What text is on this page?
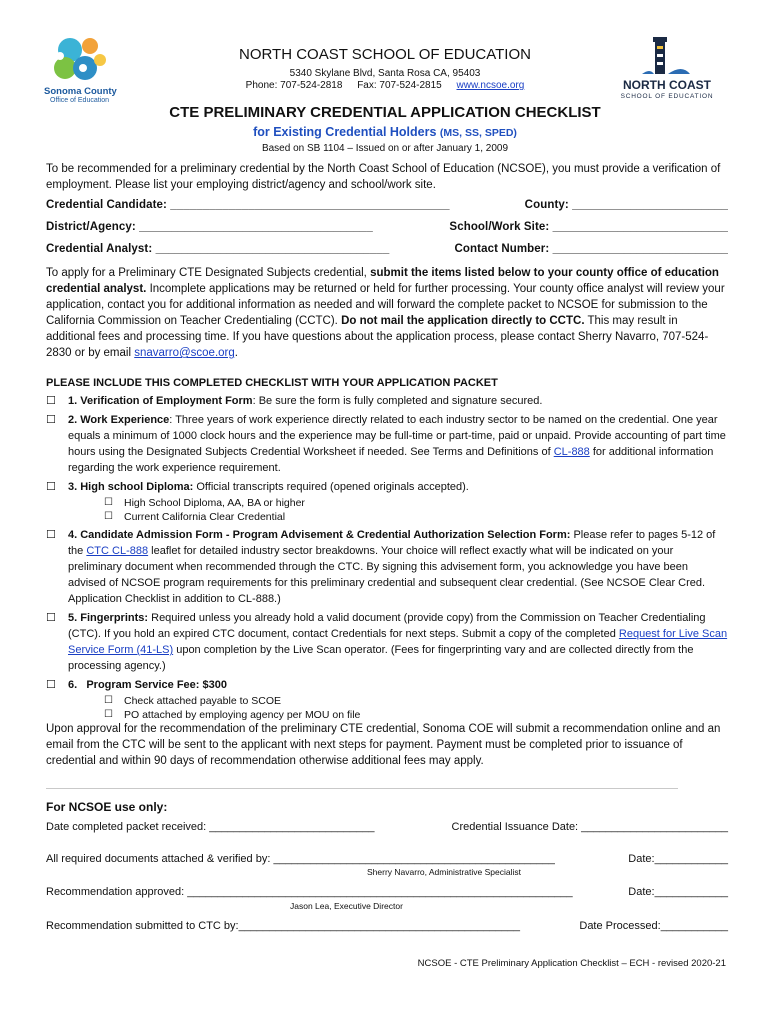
Sonoma County
Office of Education
NORTH COAST
SCHOOL OF EDUCATION
NORTH COAST SCHOOL OF EDUCATION
5340 Skylane Blvd, Santa Rosa CA, 95403
Phone: 707-524-2818 Fax: 707-524-2815 www.ncsoe.org
CTE PRELIMINARY CREDENTIAL APPLICATION CHECKLIST
for Existing Credential Holders (MS, SS, SPED)
Based on SB 1104 – Issued on or after January 1, 2009
To be recommended for a preliminary credential by the North Coast School of Education (NCSOE), you must provide a verification of employment. Please list your employing district/agency and school/work site.
Credential Candidate: ___________________________________________	County: ________________________
District/Agency: ____________________________________	School/Work Site: ___________________________
Credential Analyst: ____________________________________	Contact Number: ___________________________
To apply for a Preliminary CTE Designated Subjects credential, submit the items listed below to your county office of education credential analyst. Incomplete applications may be returned or held for further processing. Your county office analyst will review your application, contact you for additional information as needed and will forward the complete packet to NCSOE for submission to the California Commission on Teacher Credentialing (CCTC). Do not mail the application directly to CCTC. This may result in additional fees and processing time. If you have questions about the application process, please contact Sherry Navarro, 707-524-2830 or by email snavarro@scoe.org.
PLEASE INCLUDE THIS COMPLETED CHECKLIST WITH YOUR APPLICATION PACKET
☐ 1. Verification of Employment Form: Be sure the form is fully completed and signature secured.
☐ 2. Work Experience: Three years of work experience directly related to each industry sector to be named on the credential. One year equals a minimum of 1000 clock hours and the experience may be full-time or part-time, paid or unpaid. Provide accounting of part time hours using the Designated Subjects Credential Worksheet if needed. See Terms and Definitions of CL-888 for additional information regarding the work experience requirement.
☐ 3. High school Diploma: Official transcripts required (opened originals accepted).
☐ High School Diploma, AA, BA or higher
☐ Current California Clear Credential
☐ 4. Candidate Admission Form - Program Advisement & Credential Authorization Selection Form: Please refer to pages 5-12 of the CTC CL-888 leaflet for detailed industry sector breakdowns. Your choice will reflect exactly what will be indicated on your preliminary document when recommended through the CTC. By signing this advisement form, you acknowledge you have been advised of NCSOE program requirements for this preliminary credential and subsequent clear credential. (See NCSOE Clear Cred. Application Checklist in addition to CL-888.)
☐ 5. Fingerprints: Required unless you already hold a valid document (provide copy) from the Commission on Teacher Credentialing (CTC). If you hold an expired CTC document, contact Credentials for next steps. Submit a copy of the completed Request for Live Scan Service Form (41-LS) upon completion by the Live Scan operator. (Fees for fingerprinting vary and are collected directly from the processing agency.)
☐ 6.   Program Service Fee: $300
☐ Check attached payable to SCOE
☐ PO attached by employing agency per MOU on file
Upon approval for the recommendation of the preliminary CTE credential, Sonoma COE will submit a recommendation online and an email from the CTC will be sent to the applicant with next steps for payment. Payment must be completed prior to issuance of credential and within 90 days of recommendation otherwise additional fees may apply.
For NCSOE use only:
Date completed packet received: ___________________________	Credential Issuance Date: ________________________
All required documents attached & verified by: ______________________________________________	Date:____________
Sherry Navarro, Administrative Specialist
Recommendation approved: _______________________________________________________________	Date:____________
Jason Lea, Executive Director
Recommendation submitted to CTC by:______________________________________________	Date Processed:___________
NCSOE - CTE Preliminary Application Checklist – ECH - revised 2020-21
